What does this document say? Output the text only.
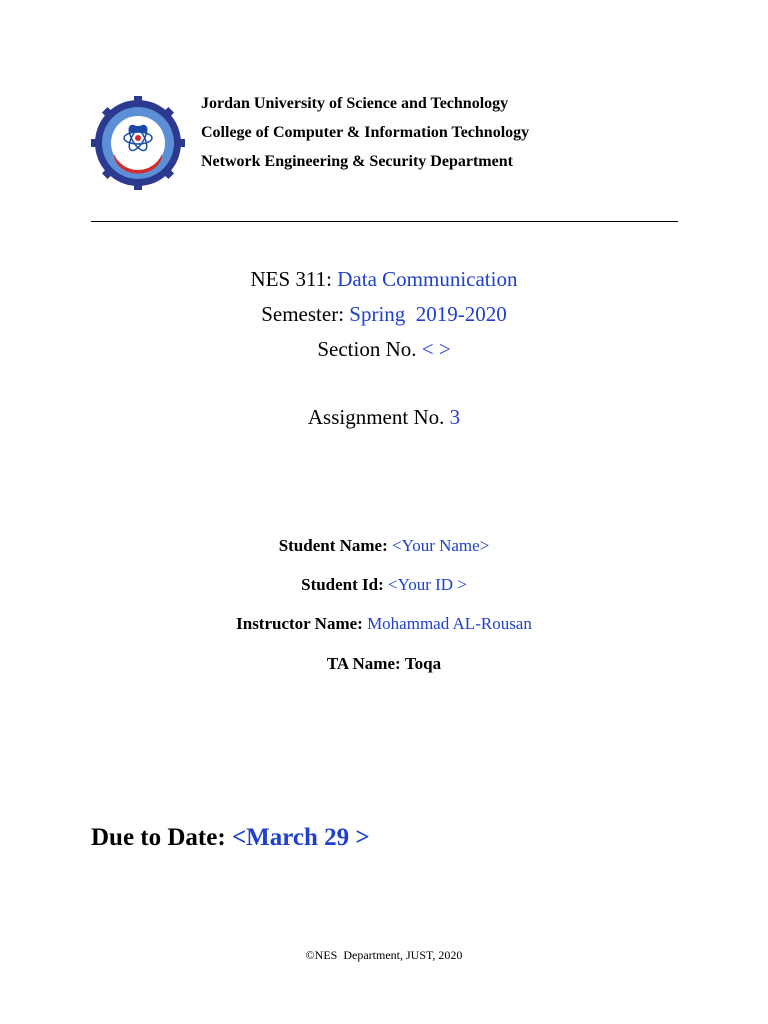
Jordan University of Science and Technology
College of Computer & Information Technology
Network Engineering & Security Department
NES 311: Data Communication
Semester: Spring  2019-2020
Section No. < >
Assignment No. 3
Student Name: <Your Name>
Student Id: <Your ID >
Instructor Name: Mohammad AL-Rousan
TA Name: Toqa
Due to Date: <March 29 >
©NES  Department, JUST, 2020
